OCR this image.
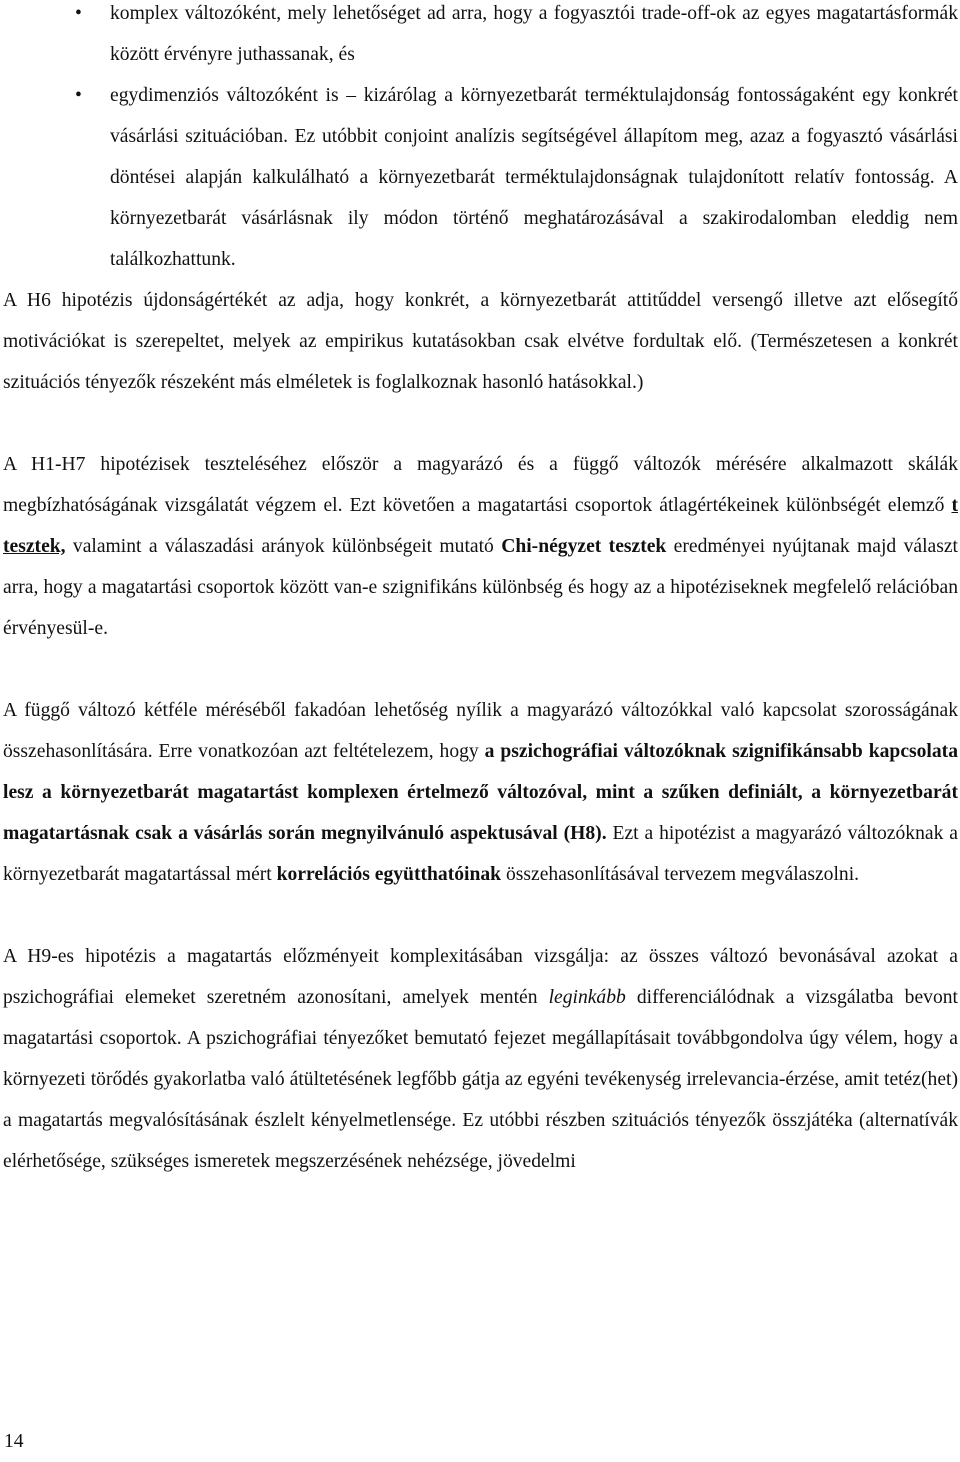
• komplex változóként, mely lehetőséget ad arra, hogy a fogyasztói trade-off-ok az egyes magatartásformák között érvényre juthassanak, és
• egydimenziós változóként is – kizárólag a környezetbarát terméktulajdonság fontosságaként egy konkrét vásárlási szituációban. Ez utóbbit conjoint analízis segítségével állapítom meg, azaz a fogyasztó vásárlási döntései alapján kalkulálható a környezetbarát terméktulajdonságnak tulajdonított relatív fontosság. A környezetbarát vásárlásnak ily módon történő meghatározásával a szakirodalomban eleddig nem találkozhattunk.

A H6 hipotézis újdonságértékét az adja, hogy konkrét, a környezetbarát attitűddel versengő illetve azt elősegítő motivációkat is szerepeltet, melyek az empirikus kutatásokban csak elvétve fordultak elő. (Természetesen a konkrét szituációs tényezők részeként más elméletek is foglalkoznak hasonló hatásokkal.)

A H1-H7 hipotézisek teszteléséhez először a magyarázó és a függő változók mérésére alkalmazott skálák megbízhatóságának vizsgálatát végzem el. Ezt követően a magatartási csoportok átlagértékeinek különbségét elemző t tesztek, valamint a válaszadási arányok különbségeit mutató Chi-négyzet tesztek eredményei nyújtanak majd választ arra, hogy a magatartási csoportok között van-e szignifikáns különbség és hogy az a hipotéziseknek megfelelő relációban érvényesül-e.

A függő változó kétféle méréséből fakadóan lehetőség nyílik a magyarázó változókkal való kapcsolat szorosságának összehasonlítására. Erre vonatkozóan azt feltételezem, hogy a pszichográfiai változóknak szignifikánsabb kapcsolata lesz a környezetbarát magatartást komplexen értelmező változóval, mint a szűken definiált, a környezetbarát magatartásnak csak a vásárlás során megnyilvánuló aspektusával (H8). Ezt a hipotézist a magyarázó változóknak a környezetbarát magatartással mért korrelációs együtthatóinak összehasonlításával tervezem megválaszolni.

A H9-es hipotézis a magatartás előzményeit komplexitásában vizsgálja: az összes változó bevonásával azokat a pszichográfiai elemeket szeretném azonosítani, amelyek mentén leginkább differenciálódnak a vizsgálatba bevont magatartási csoportok. A pszichográfiai tényezőket bemutató fejezet megállapításait továbbgondolva úgy vélem, hogy a környezeti törődés gyakorlatba való átültetésének legfőbb gátja az egyéni tevékenység irrelevancia-érzése, amit tetéz(het) a magatartás megvalósításának észlelt kényelmetlensége. Ez utóbbi részben szituációs tényezők összjátéka (alternatívák elérhetősége, szükséges ismeretek megszerzésének nehézsége, jövedelmi

14
